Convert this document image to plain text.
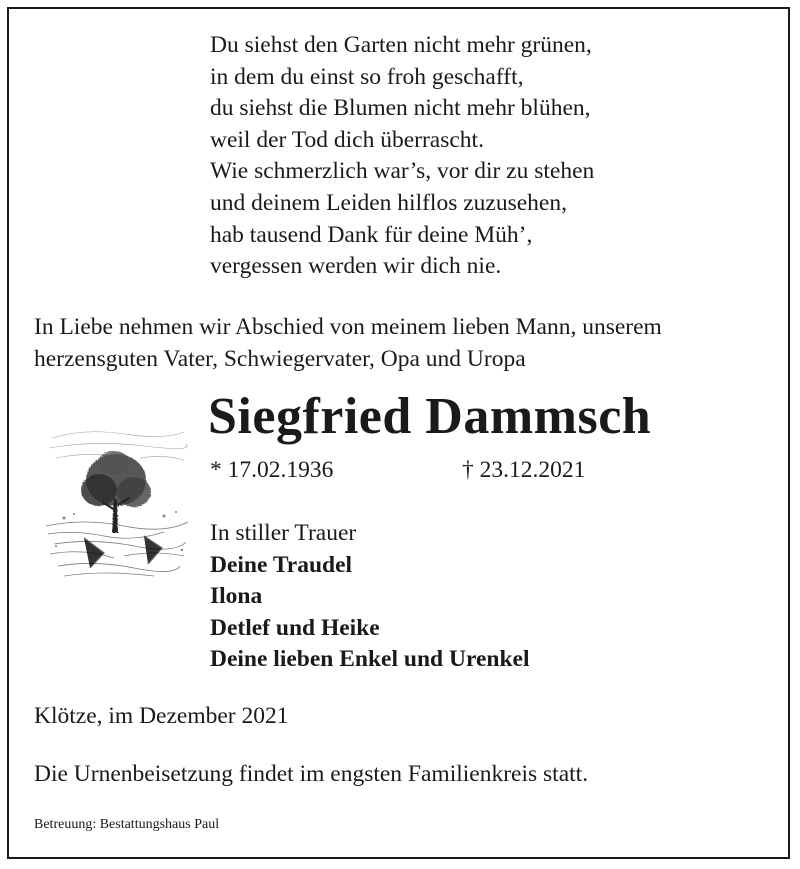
Du siehst den Garten nicht mehr grünen,
in dem du einst so froh geschafft,
du siehst die Blumen nicht mehr blühen,
weil der Tod dich überrascht.
Wie schmerzlich war’s, vor dir zu stehen
und deinem Leiden hilflos zuzusehen,
hab tausend Dank für deine Müh’,
vergessen werden wir dich nie.
In Liebe nehmen wir Abschied von meinem lieben Mann, unserem
herzensguten Vater, Schwiegervater, Opa und Uropa
Siegfried Dammsch
* 17.02.1936	† 23.12.2021
In stiller Trauer
Deine Traudel
Ilona
Detlef und Heike
Deine lieben Enkel und Urenkel
Klötze, im Dezember 2021
Die Urnenbeisetzung findet im engsten Familienkreis statt.
Betreuung: Bestattungshaus Paul
